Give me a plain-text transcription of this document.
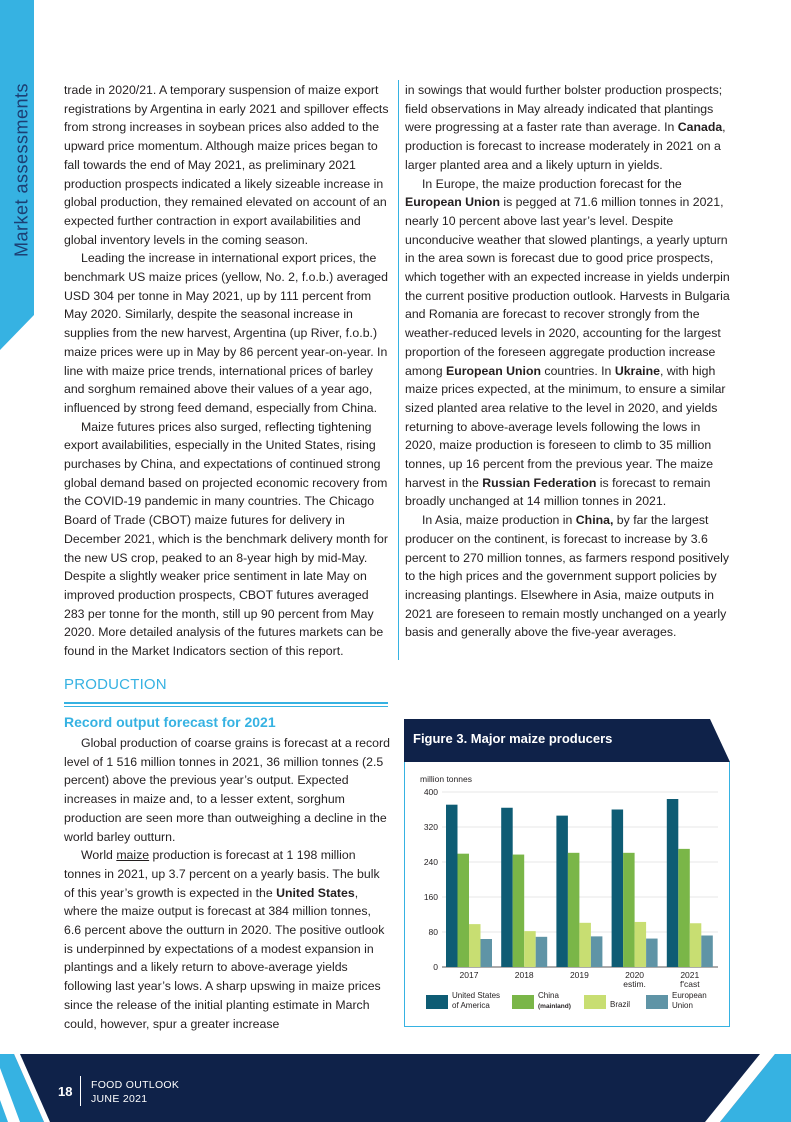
Market assessments	trade in 2020/21. A temporary suspension of maize export registrations by Argentina in early 2021 and spillover effects from strong increases in soybean prices also added to the upward price momentum. Although maize prices began to fall towards the end of May 2021, as preliminary 2021 production prospects indicated a likely sizeable increase in global production, they remained elevated on account of an expected further contraction in export availabilities and global inventory levels in the coming season.

Leading the increase in international export prices, the benchmark US maize prices (yellow, No. 2, f.o.b.) averaged USD 304 per tonne in May 2021, up by 111 percent from May 2020. Similarly, despite the seasonal increase in supplies from the new harvest, Argentina (up River, f.o.b.) maize prices were up in May by 86 percent year-on-year. In line with maize price trends, international prices of barley and sorghum remained above their values of a year ago, influenced by strong feed demand, especially from China.

Maize futures prices also surged, reflecting tightening export availabilities, especially in the United States, rising purchases by China, and expectations of continued strong global demand based on projected economic recovery from the COVID-19 pandemic in many countries. The Chicago Board of Trade (CBOT) maize futures for delivery in December 2021, which is the benchmark delivery month for the new US crop, peaked to an 8-year high by mid-May. Despite a slightly weaker price sentiment in late May on improved production prospects, CBOT futures averaged 283 per tonne for the month, still up 90 percent from May 2020. More detailed analysis of the futures markets can be found in the Market Indicators section of this report.

in sowings that would further bolster production prospects; field observations in May already indicated that plantings were progressing at a faster rate than average. In Canada, production is forecast to increase moderately in 2021 on a larger planted area and a likely upturn in yields.

In Europe, the maize production forecast for the European Union is pegged at 71.6 million tonnes in 2021, nearly 10 percent above last year’s level. Despite unconducive weather that slowed plantings, a yearly upturn in the area sown is forecast due to good price prospects, which together with an expected increase in yields underpin the current positive production outlook. Harvests in Bulgaria and Romania are forecast to recover strongly from the weather-reduced levels in 2020, accounting for the largest proportion of the foreseen aggregate production increase among European Union countries. In Ukraine, with high maize prices expected, at the minimum, to ensure a similar sized planted area relative to the level in 2020, and yields returning to above-average levels following the lows in 2020, maize production is foreseen to climb to 35 million tonnes, up 16 percent from the previous year. The maize harvest in the Russian Federation is forecast to remain broadly unchanged at 14 million tonnes in 2021.

In Asia, maize production in China, by far the largest producer on the continent, is forecast to increase by 3.6 percent to 270 million tonnes, as farmers respond positively to the high prices and the government support policies by increasing plantings. Elsewhere in Asia, maize outputs in 2021 are foreseen to remain mostly unchanged on a yearly basis and generally above the five-year averages.

PRODUCTION
Record output forecast for 2021

Global production of coarse grains is forecast at a record level of 1 516 million tonnes in 2021, 36 million tonnes (2.5 percent) above the previous year’s output. Expected increases in maize and, to a lesser extent, sorghum production are seen more than outweighing a decline in the world barley outturn.

World maize production is forecast at 1 198 million tonnes in 2021, up 3.7 percent on a yearly basis. The bulk of this year’s growth is expected in the United States, where the maize output is forecast at 384 million tonnes, 6.6 percent above the outturn in 2020. The positive outlook is underpinned by expectations of a modest expansion in plantings and a likely return to above-average yields following last year’s lows. A sharp upswing in maize prices since the release of the initial planting estimate in March could, however, spur a greater increase

Figure 3. Major maize producers
million tonnes
0
80
160
240
320
400
2017	2018	2019	2020
estim.
2021
f'cast
United States
of America
China
(mainland)	Brazil
European
Union
18 FOOD OUTLOOK
JUNE 2021
